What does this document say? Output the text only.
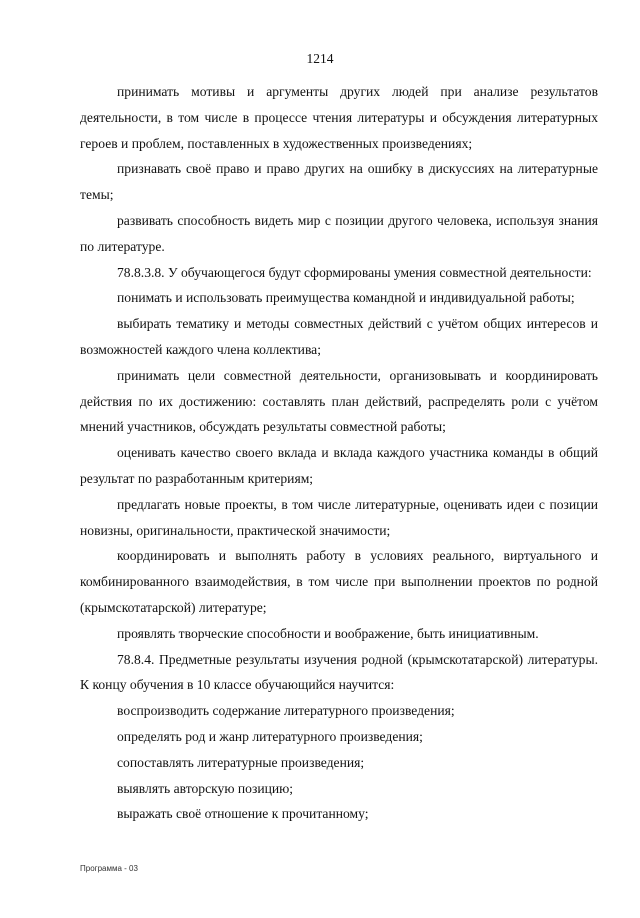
1214

принимать мотивы и аргументы других людей при анализе результатов деятельности, в том числе в процессе чтения литературы и обсуждения литературных героев и проблем, поставленных в художественных произведениях;

признавать своё право и право других на ошибку в дискуссиях на литературные темы;

развивать способность видеть мир с позиции другого человека, используя знания по литературе.

78.8.3.8. У обучающегося будут сформированы умения совместной деятельности:

понимать и использовать преимущества командной и индивидуальной работы;

выбирать тематику и методы совместных действий с учётом общих интересов и возможностей каждого члена коллектива;

принимать цели совместной деятельности, организовывать и координировать действия по их достижению: составлять план действий, распределять роли с учётом мнений участников, обсуждать результаты совместной работы;

оценивать качество своего вклада и вклада каждого участника команды в общий результат по разработанным критериям;

предлагать новые проекты, в том числе литературные, оценивать идеи с позиции новизны, оригинальности, практической значимости;

координировать и выполнять работу в условиях реального, виртуального и комбинированного взаимодействия, в том числе при выполнении проектов по родной (крымскотатарской) литературе;

проявлять творческие способности и воображение, быть инициативным.

78.8.4. Предметные результаты изучения родной (крымскотатарской) литературы. К концу обучения в 10 классе обучающийся научится:

воспроизводить содержание литературного произведения;

определять род и жанр литературного произведения;

сопоставлять литературные произведения;

выявлять авторскую позицию;

выражать своё отношение к прочитанному;

Программа - 03
